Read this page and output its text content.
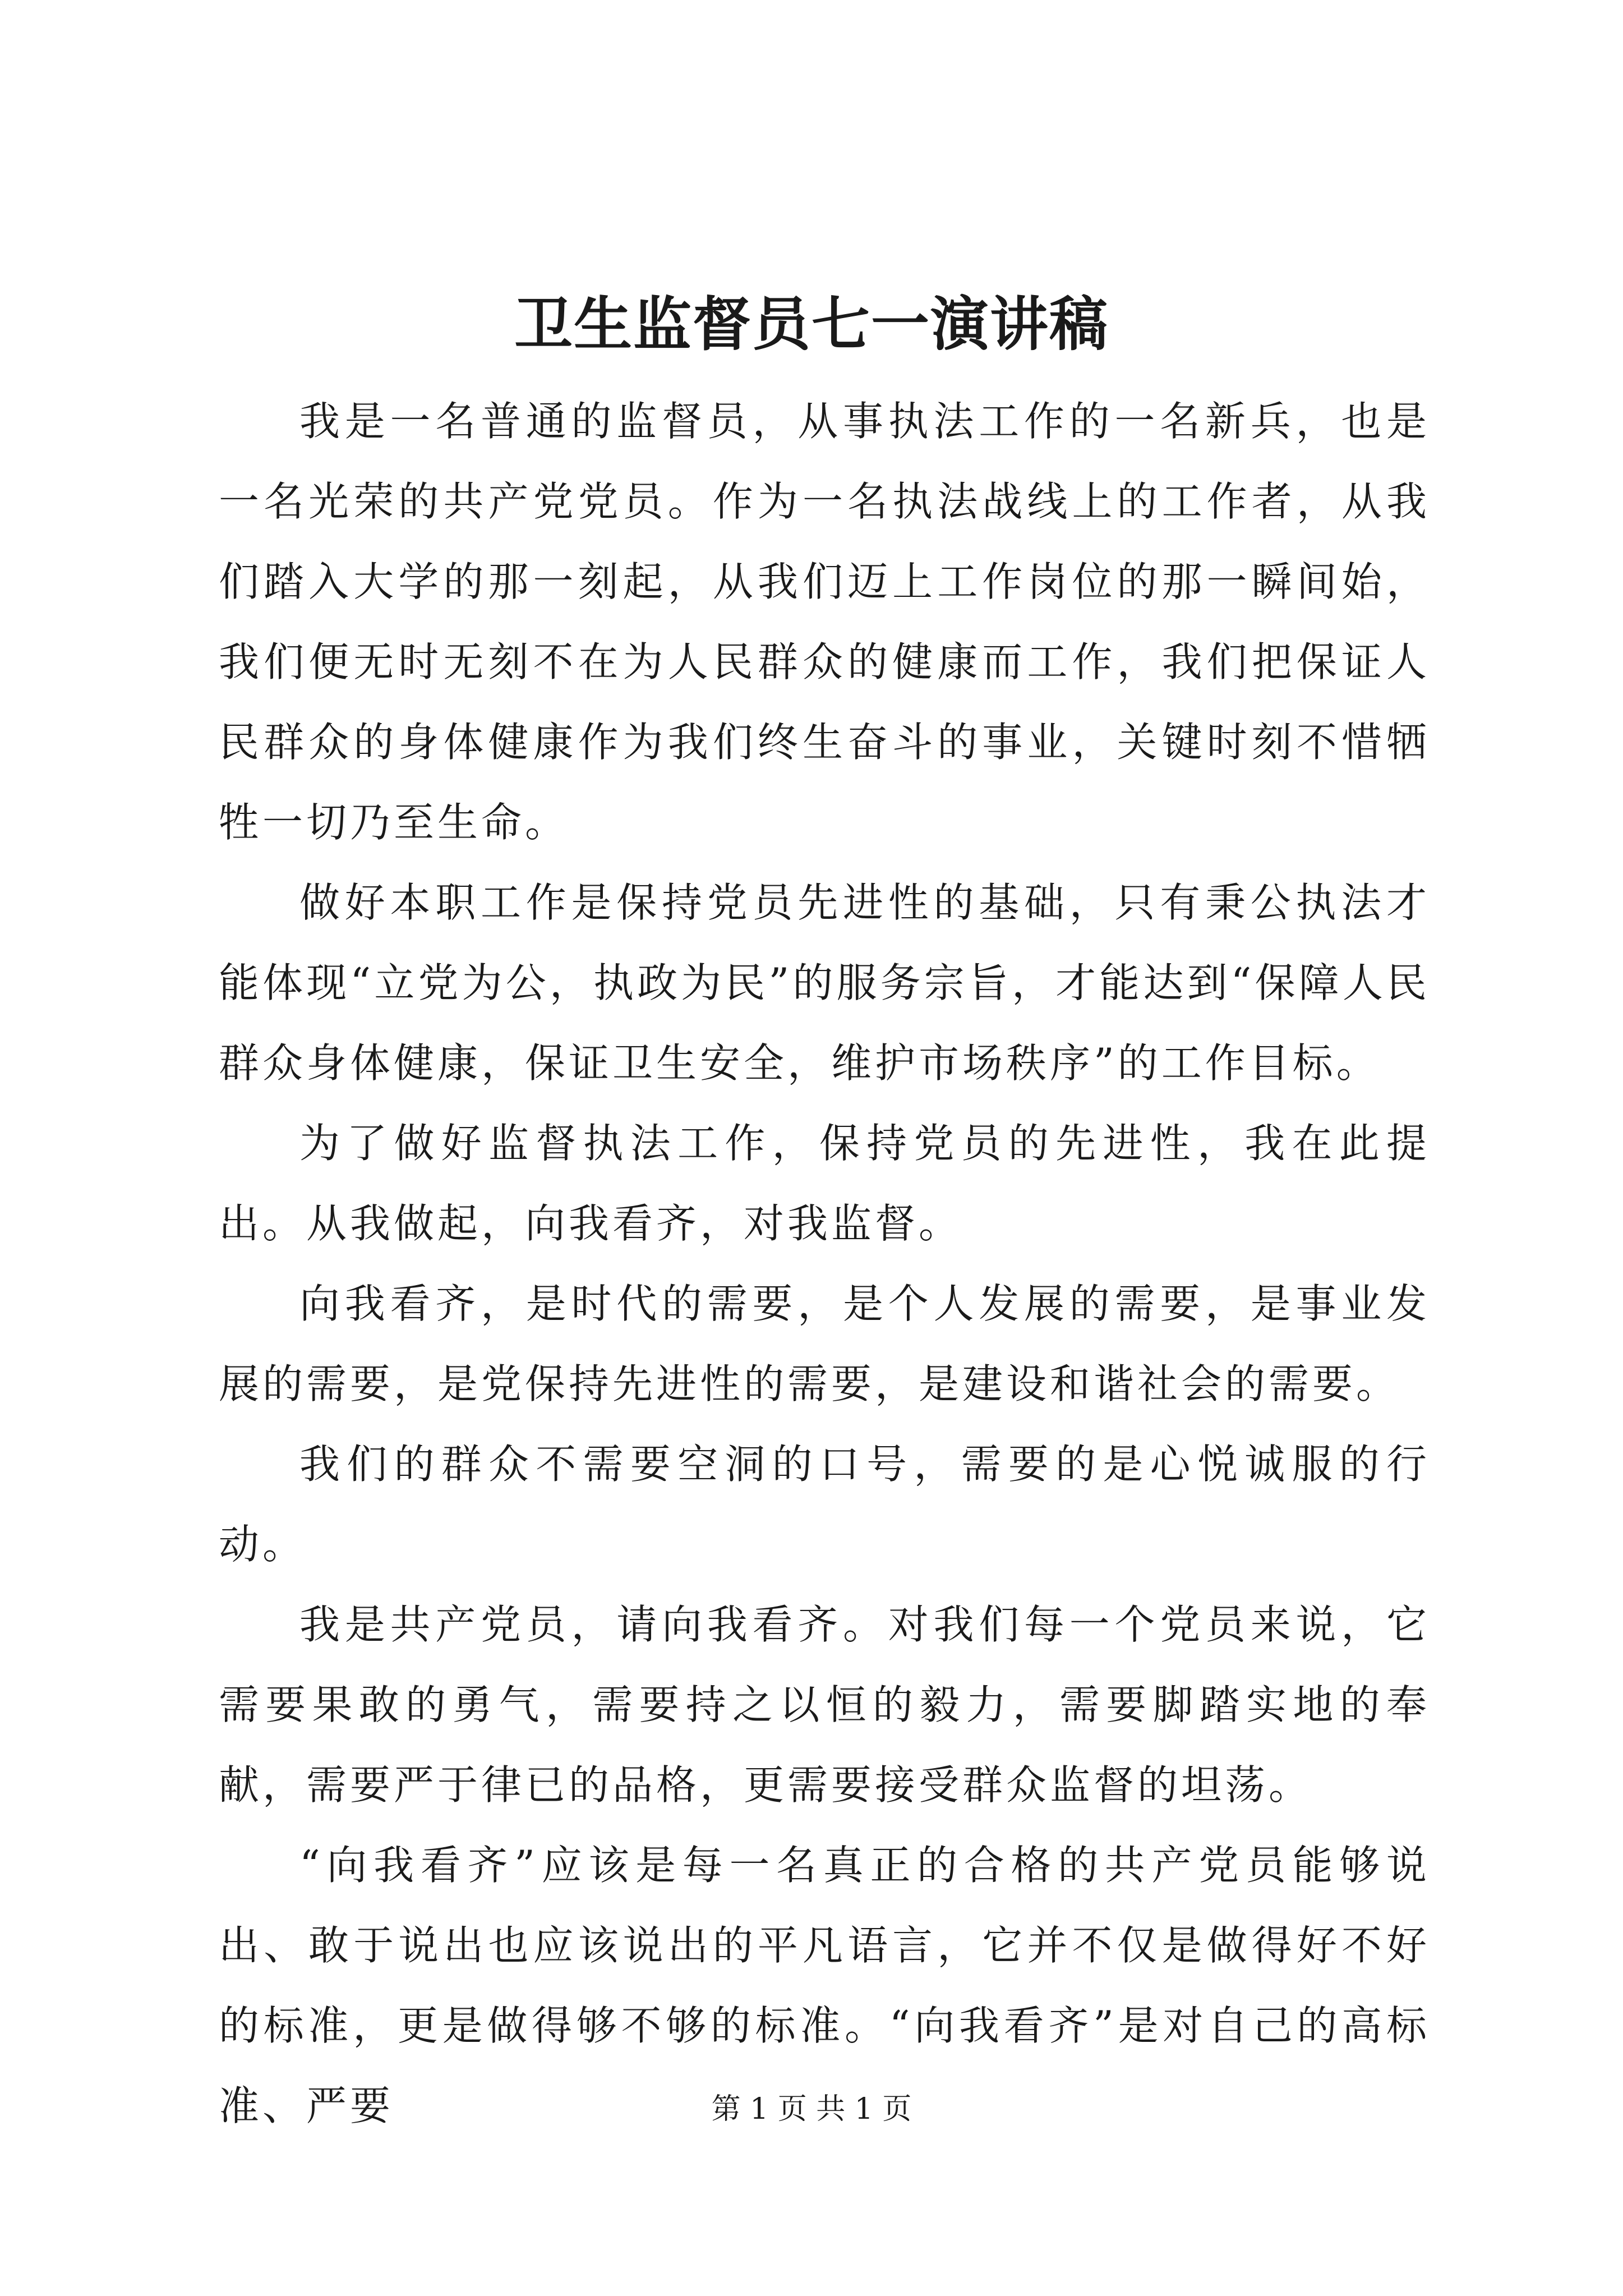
卫生监督员七一演讲稿

我是一名普通的监督员，从事执法工作的一名新兵，也是一名光荣的共产党党员。作为一名执法战线上的工作者，从我们踏入大学的那一刻起，从我们迈上工作岗位的那一瞬间始，我们便无时无刻不在为人民群众的健康而工作，我们把保证人民群众的身体健康作为我们终生奋斗的事业，关键时刻不惜牺牲一切乃至生命。

做好本职工作是保持党员先进性的基础，只有秉公执法才能体现“立党为公，执政为民”的服务宗旨，才能达到“保障人民群众身体健康，保证卫生安全，维护市场秩序”的工作目标。

为了做好监督执法工作，保持党员的先进性，我在此提出。从我做起，向我看齐，对我监督。

向我看齐，是时代的需要，是个人发展的需要，是事业发展的需要，是党保持先进性的需要，是建设和谐社会的需要。

我们的群众不需要空洞的口号，需要的是心悦诚服的行动。

我是共产党员，请向我看齐。对我们每一个党员来说，它需要果敢的勇气，需要持之以恒的毅力，需要脚踏实地的奉献，需要严于律已的品格，更需要接受群众监督的坦荡。

“向我看齐”应该是每一名真正的合格的共产党员能够说出、敢于说出也应该说出的平凡语言，它并不仅是做得好不好的标准，更是做得够不够的标准。“向我看齐”是对自己的高标准、严要	第 1 页 共 1 页
